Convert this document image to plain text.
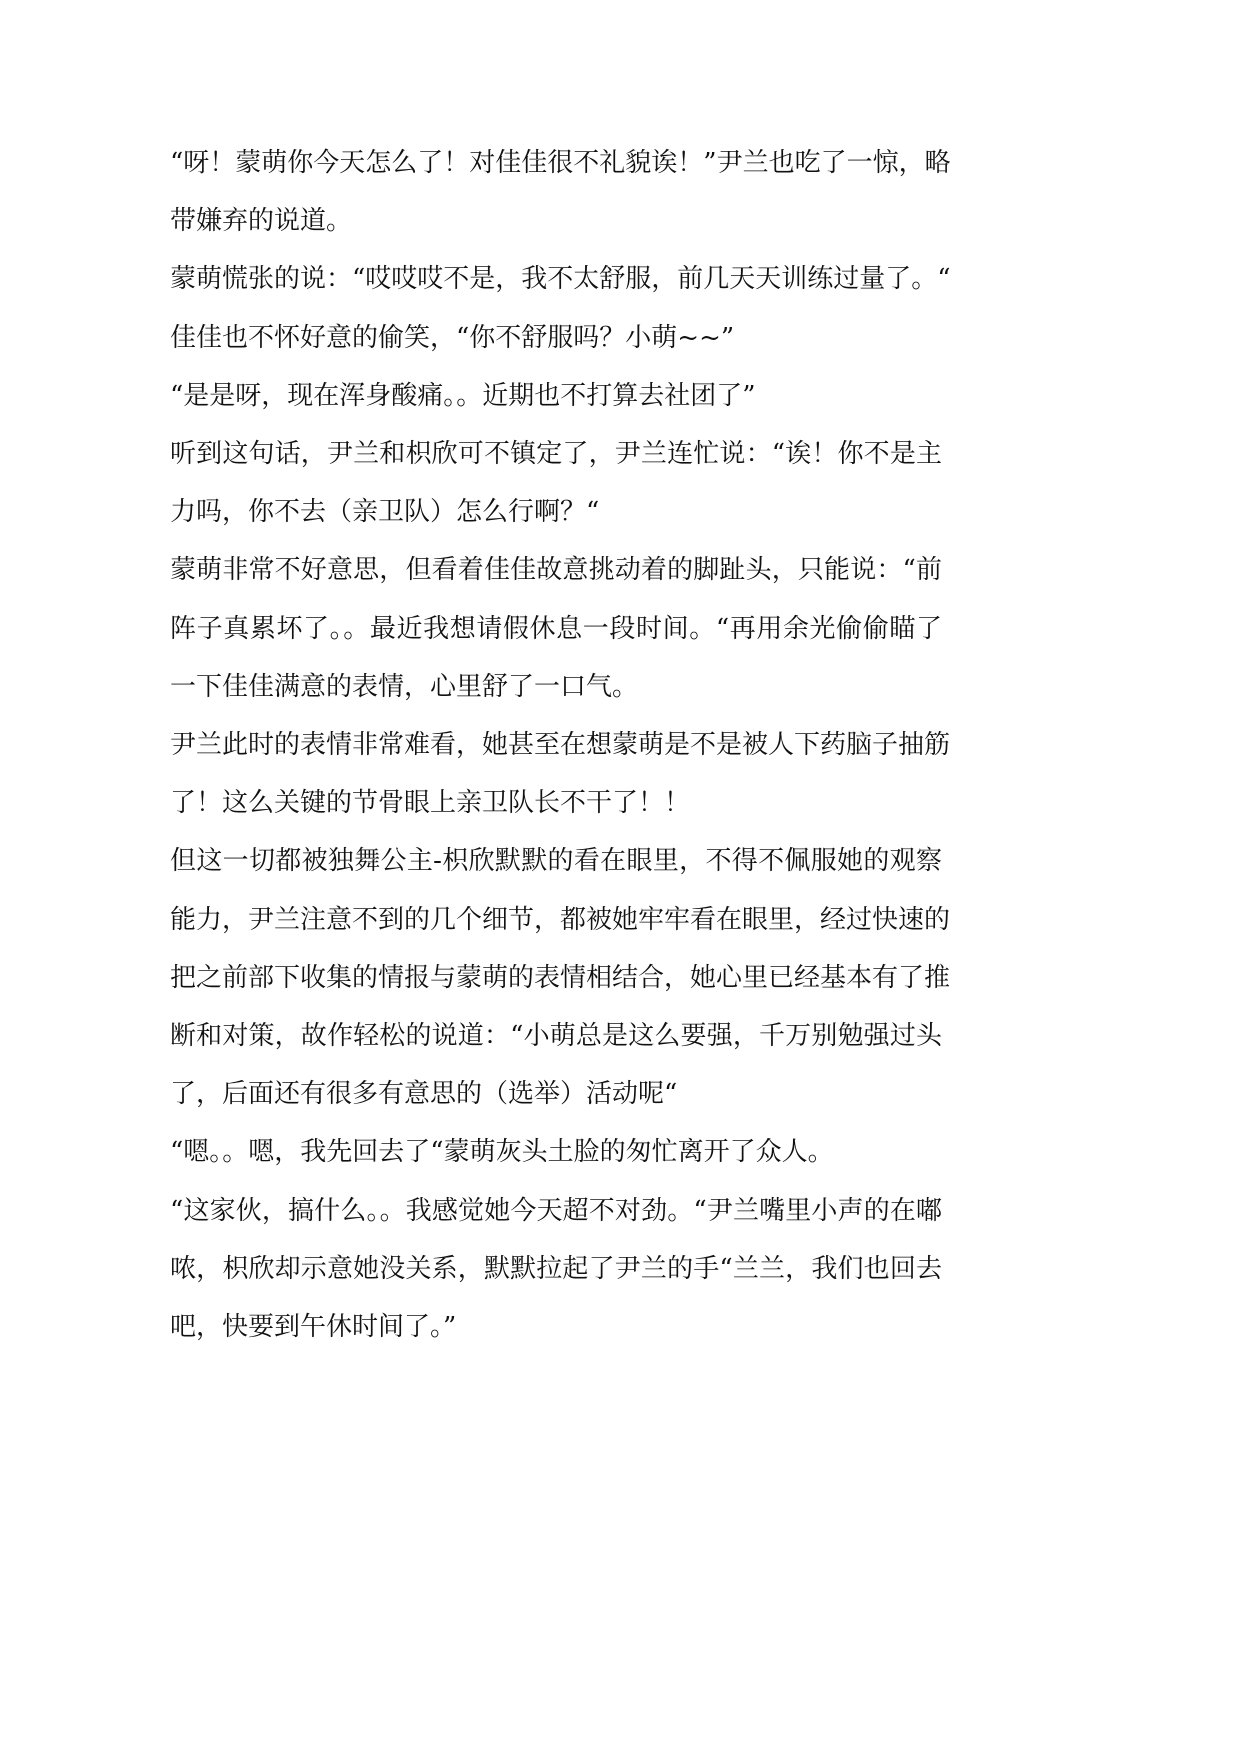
“呀！蒙萌你今天怎么了！对佳佳很不礼貌诶！”尹兰也吃了一惊，略
带嫌弃的说道。
蒙萌慌张的说：“哎哎哎不是，我不太舒服，前几天天训练过量了。“
佳佳也不怀好意的偷笑，“你不舒服吗？小萌~~”
“是是呀，现在浑身酸痛。。近期也不打算去社团了”
听到这句话，尹兰和枳欣可不镇定了，尹兰连忙说：“诶！你不是主
力吗，你不去（亲卫队）怎么行啊？“
蒙萌非常不好意思，但看着佳佳故意挑动着的脚趾头，只能说：“前
阵子真累坏了。。最近我想请假休息一段时间。“再用余光偷偷瞄了
一下佳佳满意的表情，心里舒了一口气。
尹兰此时的表情非常难看，她甚至在想蒙萌是不是被人下药脑子抽筋
了！这么关键的节骨眼上亲卫队长不干了！！
但这一切都被独舞公主-枳欣默默的看在眼里，不得不佩服她的观察
能力，尹兰注意不到的几个细节，都被她牢牢看在眼里，经过快速的
把之前部下收集的情报与蒙萌的表情相结合，她心里已经基本有了推
断和对策，故作轻松的说道：“小萌总是这么要强，千万别勉强过头
了，后面还有很多有意思的（选举）活动呢“
“嗯。。嗯，我先回去了“蒙萌灰头土脸的匆忙离开了众人。
“这家伙，搞什么。。我感觉她今天超不对劲。“尹兰嘴里小声的在嘟
哝，枳欣却示意她没关系，默默拉起了尹兰的手“兰兰，我们也回去
吧，快要到午休时间了。”
